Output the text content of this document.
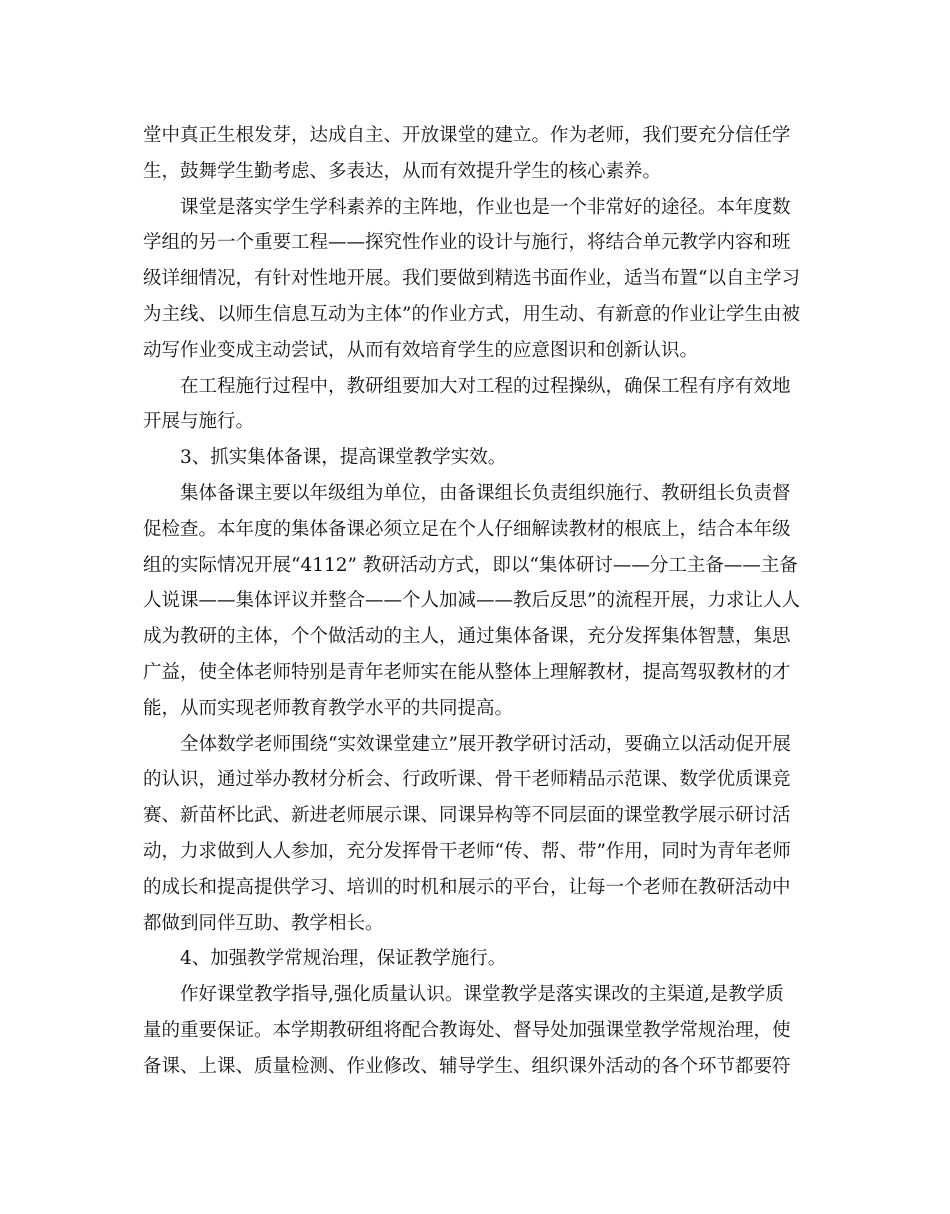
堂中真正生根发芽，达成自主、开放课堂的建立。作为老师，我们要充分信任学
生，鼓舞学生勤考虑、多表达，从而有效提升学生的核心素养。
课堂是落实学生学科素养的主阵地，作业也是一个非常好的途径。本年度数
学组的另一个重要工程——探究性作业的设计与施行，将结合单元教学内容和班
级详细情况，有针对性地开展。我们要做到精选书面作业，适当布置“以自主学习
为主线、以师生信息互动为主体”的作业方式，用生动、有新意的作业让学生由被
动写作业变成主动尝试，从而有效培育学生的应意图识和创新认识。
在工程施行过程中，教研组要加大对工程的过程操纵，确保工程有序有效地
开展与施行。
3、抓实集体备课，提高课堂教学实效。
集体备课主要以年级组为单位，由备课组长负责组织施行、教研组长负责督
促检查。本年度的集体备课必须立足在个人仔细解读教材的根底上，结合本年级
组的实际情况开展“4112” 教研活动方式，即以“集体研讨——分工主备——主备
人说课——集体评议并整合——个人加减——教后反思”的流程开展，力求让人人
成为教研的主体，个个做活动的主人，通过集体备课，充分发挥集体智慧，集思
广益，使全体老师特别是青年老师实在能从整体上理解教材，提高驾驭教材的才
能，从而实现老师教育教学水平的共同提高。
全体数学老师围绕“实效课堂建立”展开教学研讨活动，要确立以活动促开展
的认识，通过举办教材分析会、行政听课、骨干老师精品示范课、数学优质课竞
赛、新苗杯比武、新进老师展示课、同课异构等不同层面的课堂教学展示研讨活
动，力求做到人人参加，充分发挥骨干老师“传、帮、带”作用，同时为青年老师
的成长和提高提供学习、培训的时机和展示的平台，让每一个老师在教研活动中
都做到同伴互助、教学相长。
4、加强教学常规治理，保证教学施行。
作好课堂教学指导,强化质量认识。课堂教学是落实课改的主渠道,是教学质
量的重要保证。本学期教研组将配合教诲处、督导处加强课堂教学常规治理，使
备课、上课、质量检测、作业修改、辅导学生、组织课外活动的各个环节都要符
